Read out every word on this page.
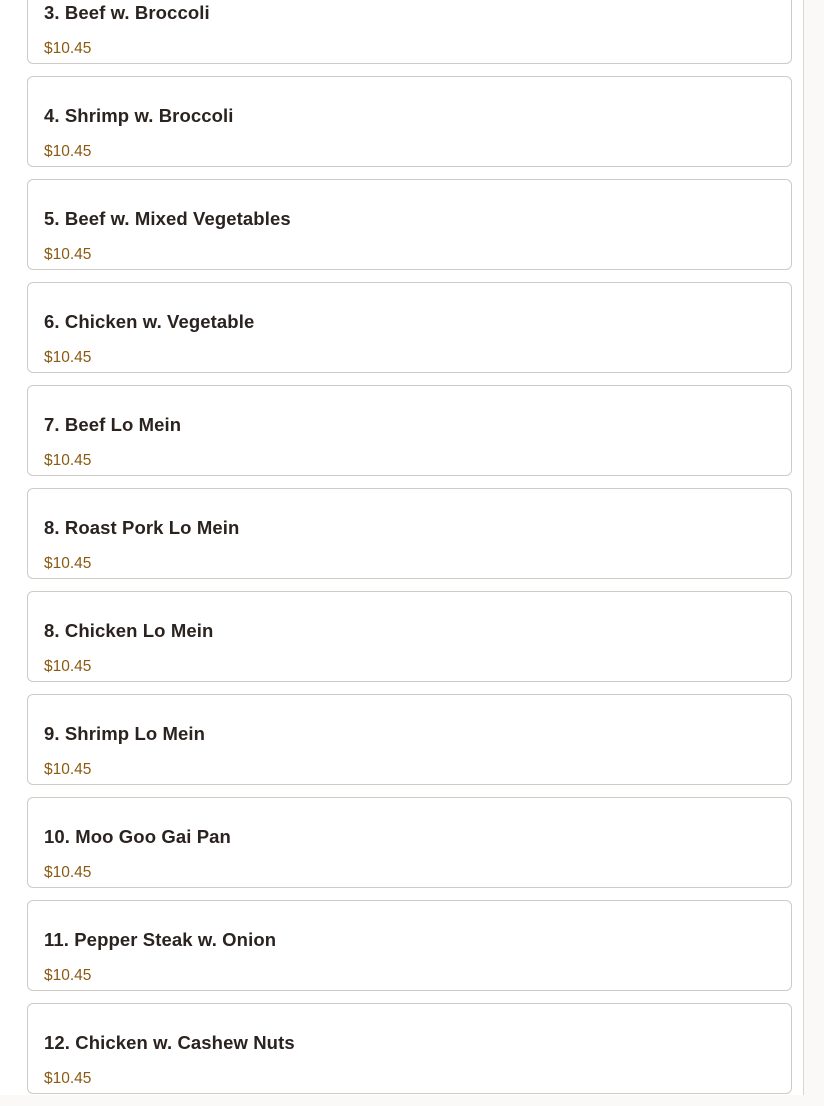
3. Beef w. Broccoli
$10.45
4. Shrimp w. Broccoli
$10.45
5. Beef w. Mixed Vegetables
$10.45
6. Chicken w. Vegetable
$10.45
7. Beef Lo Mein
$10.45
8. Roast Pork Lo Mein
$10.45
8. Chicken Lo Mein
$10.45
9. Shrimp Lo Mein
$10.45
10. Moo Goo Gai Pan
$10.45
11. Pepper Steak w. Onion
$10.45
12. Chicken w. Cashew Nuts
$10.45
